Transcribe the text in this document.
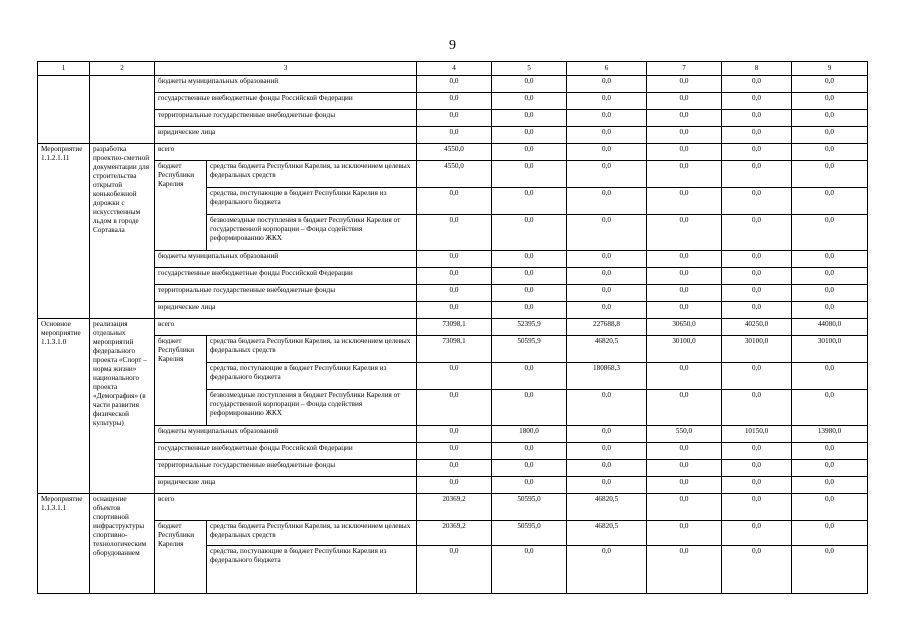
9
1	2	3		4	5	6	7	8	9
		бюджеты муниципальных образований		0,0	0,0	0,0	0,0	0,0	0,0
		государственные внебюджетные фонды Российской Федерации		0,0	0,0	0,0	0,0	0,0	0,0
		территориальные государственные внебюджетные фонды		0,0	0,0	0,0	0,0	0,0	0,0
		юридические лица		0,0	0,0	0,0	0,0	0,0	0,0
Мероприятие 1.1.2.1.11	разработка проектно-сметной документации для строительства открытой конькобежной дорожки с искусственным льдом в городе Сортавала	всего		4550,0	0,0	0,0	0,0	0,0	0,0
		бюджет Республики Карелия	средства бюджета Республики Карелия, за исключением целевых федеральных средств	4550,0	0,0	0,0	0,0	0,0	0,0
			средства, поступающие в бюджет Республики Карелия из федерального бюджета	0,0	0,0	0,0	0,0	0,0	0,0
			безвозмездные поступления в бюджет Республики Карелия от государственной корпорации – Фонда содействия реформированию ЖКХ	0,0	0,0	0,0	0,0	0,0	0,0
		бюджеты муниципальных образований		0,0	0,0	0,0	0,0	0,0	0,0
		государственные внебюджетные фонды Российской Федерации		0,0	0,0	0,0	0,0	0,0	0,0
		территориальные государственные внебюджетные фонды		0,0	0,0	0,0	0,0	0,0	0,0
		юридические лица		0,0	0,0	0,0	0,0	0,0	0,0
Основное мероприятие 1.1.3.1.0	реализация отдельных мероприятий федерального проекта «Спорт – норма жизни» национального проекта «Демография» (в части развития физической культуры)	всего		73098,1	52395,9	227688,8	30650,0	40250,0	44080,0
		бюджет Республики Карелия	средства бюджета Республики Карелия, за исключением целевых федеральных средств	73098,1	50595,9	46820,5	30100,0	30100,0	30100,0
			средства, поступающие в бюджет Республики Карелия из федерального бюджета	0,0	0,0	180868,3	0,0	0,0	0,0
			безвозмездные поступления в бюджет Республики Карелия от государственной корпорации – Фонда содействия реформированию ЖКХ	0,0	0,0	0,0	0,0	0,0	0,0
		бюджеты муниципальных образований		0,0	1800,0	0,0	550,0	10150,0	13980,0
		государственные внебюджетные фонды Российской Федерации		0,0	0,0	0,0	0,0	0,0	0,0
		территориальные государственные внебюджетные фонды		0,0	0,0	0,0	0,0	0,0	0,0
		юридические лица		0,0	0,0	0,0	0,0	0,0	0,0
Мероприятие 1.1.3.1.1	оснащение объектов спортивной инфраструктуры спортивно-технологическим оборудованием	всего		20369,2	50595,0	46820,5	0,0	0,0	0,0
		бюджет Республики Карелия	средства бюджета Республики Карелия, за исключением целевых федеральных средств	20369,2	50595,0	46820,5	0,0	0,0	0,0
			средства, поступающие в бюджет Республики Карелия из федерального бюджета	0,0	0,0	0,0	0,0	0,0	0,0
